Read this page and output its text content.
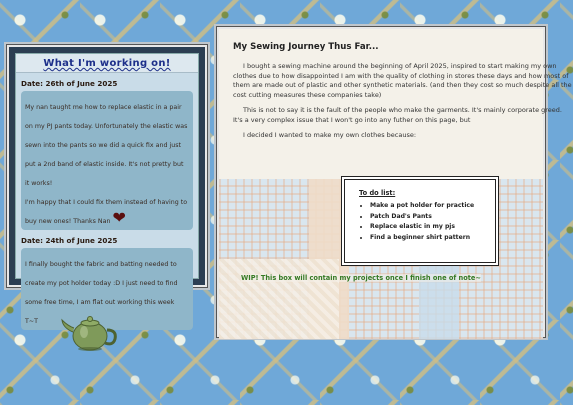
What I'm working on!
Date: 26th of June 2025
My nan taught me how to replace elastic in a pair on my PJ pants today. Unfortunately the elastic was sewn into the pants so we did a quick fix and just put a 2nd band of elastic inside. It's not pretty but it works!
I'm happy that I could fix them instead of having to buy new ones! Thanks Nan ❤
Date: 24th of June 2025
I finally bought the fabric and batting needed to create my pot holder today :D I just need to find some free time, I am flat out working this week T~T
My Sewing Journey Thus Far...

I bought a sewing machine around the beginning of April 2025, inspired to start making my own clothes due to how disappointed I am with the quality of clothing in stores these days and how most of them are made out of plastic and other synthetic materials. (and then they cost so much despite all the cost cutting measures these companies take)

This is not to say it is the fault of the people who make the garments. It's mainly corporate greed. It's a very complex issue that I won't go into any futher on this page, but

I decided I wanted to make my own clothes because:

To do list:
• Make a pot holder for practice
• Patch Dad's Pants
• Replace elastic in my pjs
• Find a beginner shirt pattern
WIP! This box will contain my projects once I finish one of note~
